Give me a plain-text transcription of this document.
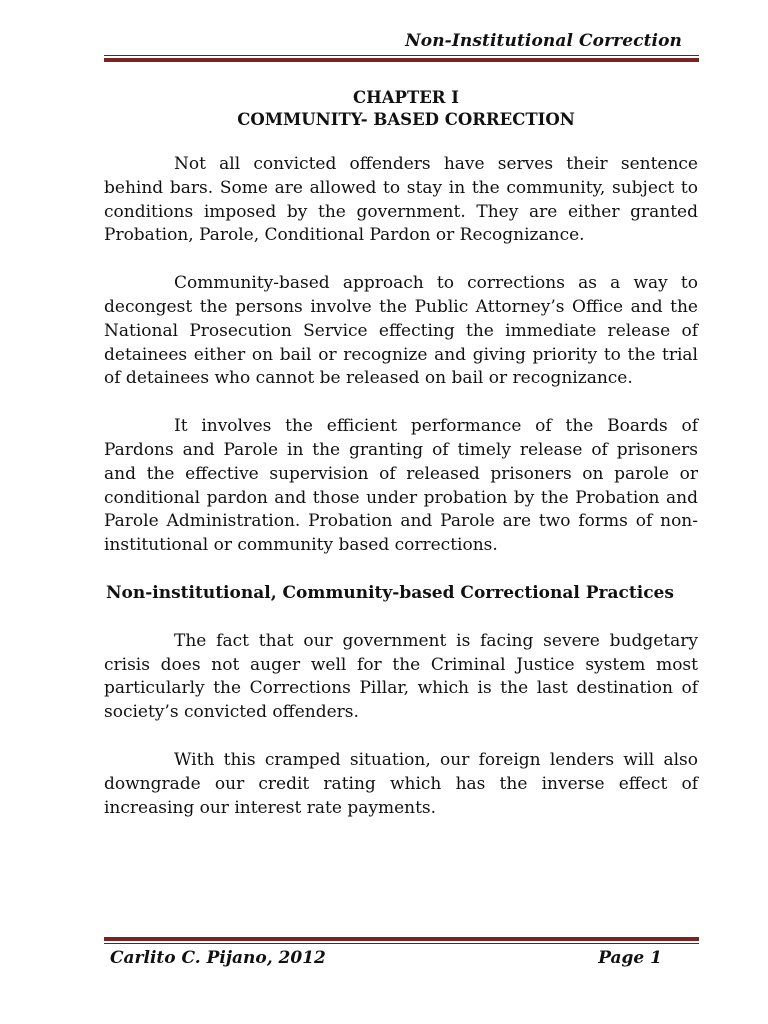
Non-Institutional Correction
CHAPTER I
COMMUNITY- BASED CORRECTION

Not all convicted offenders have serves their sentence behind bars. Some are allowed to stay in the community, subject to conditions imposed by the government. They are either granted Probation, Parole, Conditional Pardon or Recognizance.

Community-based approach to corrections as a way to decongest the persons involve the Public Attorney’s Office and the National Prosecution Service effecting the immediate release of detainees either on bail or recognize and giving priority to the trial of detainees who cannot be released on bail or recognizance.

It involves the efficient performance of the Boards of Pardons and Parole in the granting of timely release of prisoners and the effective supervision of released prisoners on parole or conditional pardon and those under probation by the Probation and Parole Administration. Probation and Parole are two forms of non-institutional or community based corrections.

Non-institutional, Community-based Correctional Practices

The fact that our government is facing severe budgetary crisis does not auger well for the Criminal Justice system most particularly the Corrections Pillar, which is the last destination of society’s convicted offenders.

With this cramped situation, our foreign lenders will also downgrade our credit rating which has the inverse effect of increasing our interest rate payments.

Carlito C. Pijano, 2012	Page 1
